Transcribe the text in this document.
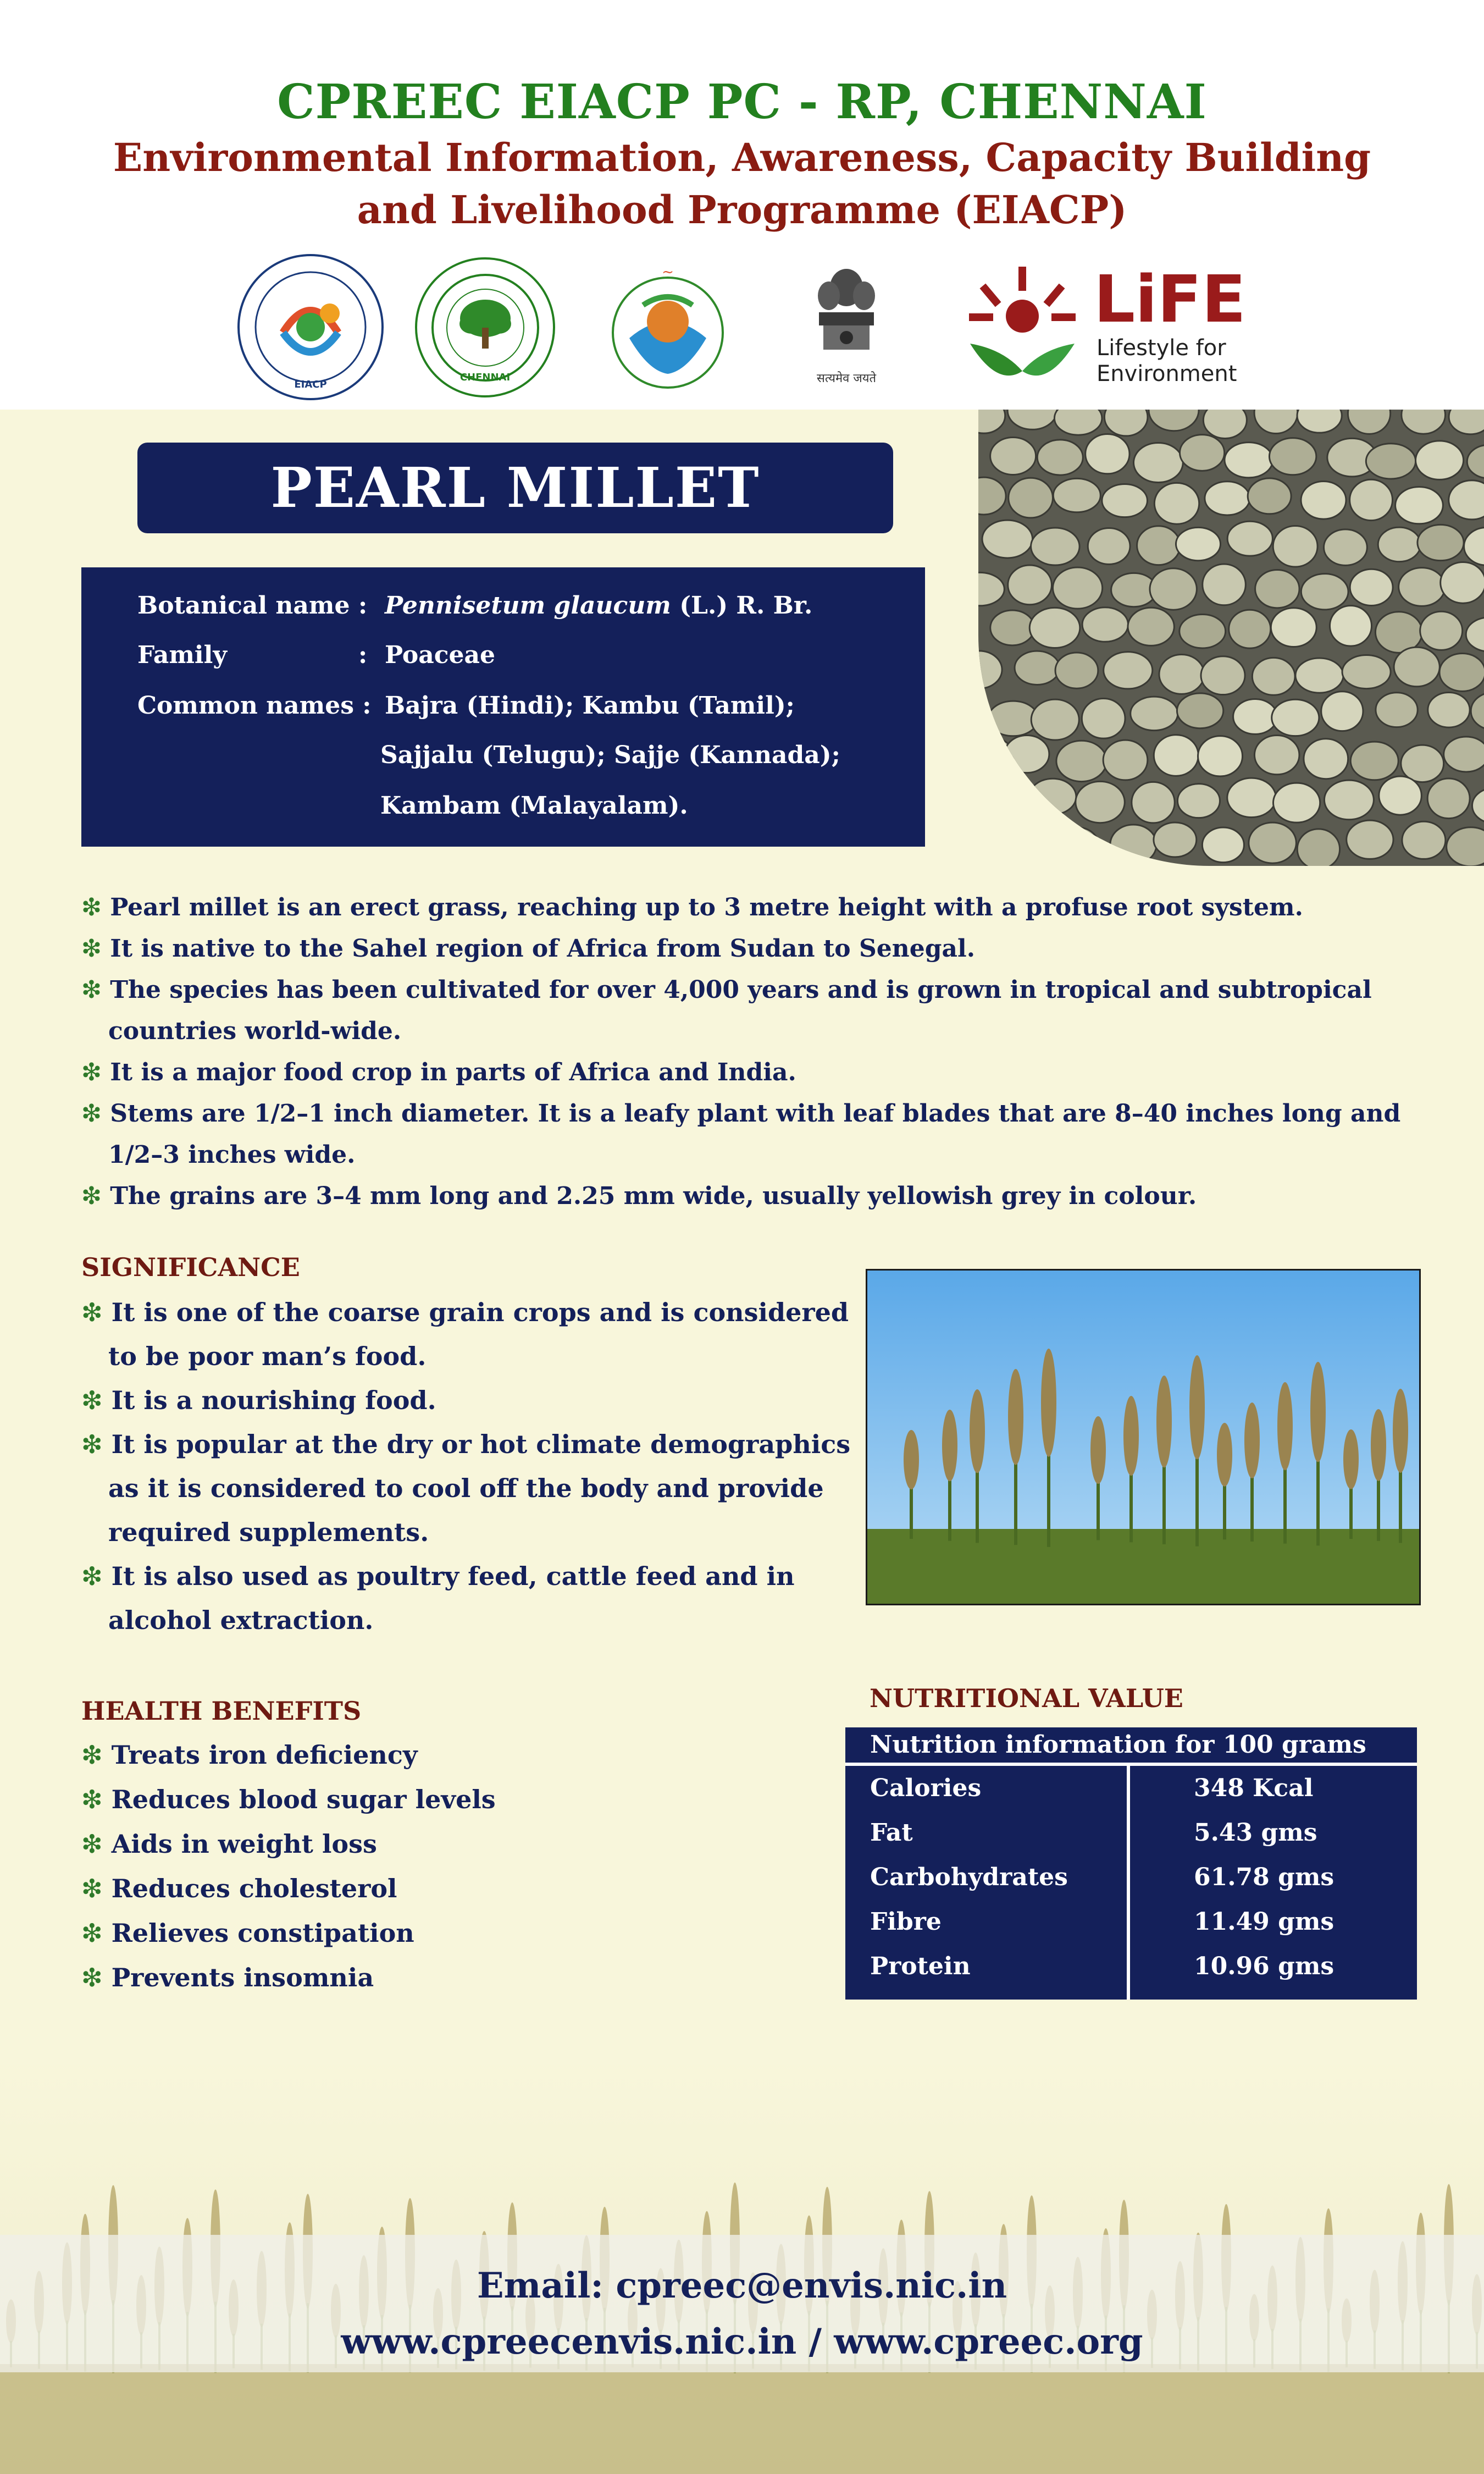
CPREEC EIACP PC - RP, CHENNAI
Environmental Information, Awareness, Capacity Building
and Livelihood Programme (EIACP)
EIACP
CHENNAI
~
सत्यमेव जयते
LiFE
Lifestyle for
Environment
PEARL MILLET
Botanical name : Pennisetum glaucum (L.) R. Br.
Family	: Poaceae
Common names : Bajra (Hindi); Kambu (Tamil);
Sajjalu (Telugu); Sajje (Kannada);
Kambam (Malayalam).
❇ Pearl millet is an erect grass, reaching up to 3 metre height with a profuse root system.
❇ It is native to the Sahel region of Africa from Sudan to Senegal.
❇ The species has been cultivated for over 4,000 years and is grown in tropical and subtropical
countries world-wide.
❇ It is a major food crop in parts of Africa and India.
❇ Stems are 1/2–1 inch diameter. It is a leafy plant with leaf blades that are 8–40 inches long and
1/2–3 inches wide.
❇ The grains are 3–4 mm long and 2.25 mm wide, usually yellowish grey in colour.
SIGNIFICANCE
❇ It is one of the coarse grain crops and is considered
to be poor man’s food.
❇ It is a nourishing food.
❇ It is popular at the dry or hot climate demographics
as it is considered to cool off the body and provide
required supplements.
❇ It is also used as poultry feed, cattle feed and in
alcohol extraction.
HEALTH BENEFITS
❇ Treats iron deficiency
❇ Reduces blood sugar levels
❇ Aids in weight loss
❇ Reduces cholesterol
❇ Relieves constipation
❇ Prevents insomnia
NUTRITIONAL VALUE
Nutrition information for 100 grams
Calories	348 Kcal
Fat	5.43 gms
Carbohydrates	61.78 gms
Fibre	11.49 gms
Protein	10.96 gms
Email: cpreec@envis.nic.in
www.cpreecenvis.nic.in / www.cpreec.org
